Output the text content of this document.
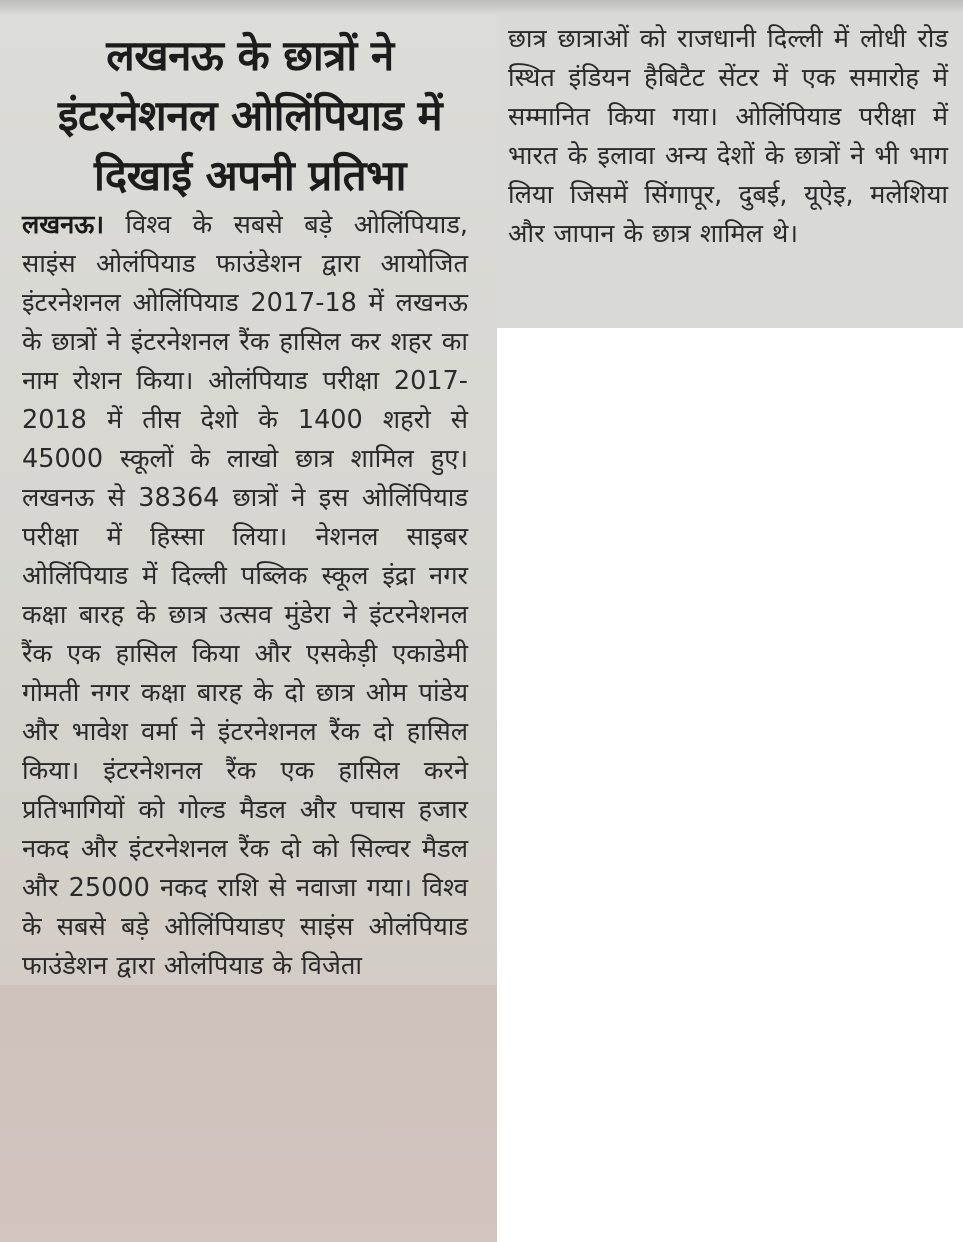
लखनऊ के छात्रों ने इंटरनेशनल ओलिंपियाड में दिखाई अपनी प्रतिभा

लखनऊ। विश्व के सबसे बड़े ओलिंपियाड, साइंस ओलंपियाड फाउंडेशन द्वारा आयोजित इंटरनेशनल ओलिंपियाड 2017-18 में लखनऊ के छात्रों ने इंटरनेशनल रैंक हासिल कर शहर का नाम रोशन किया। ओलंपियाड परीक्षा 2017-2018 में तीस देशो के 1400 शहरो से 45000 स्कूलों के लाखो छात्र शामिल हुए। लखनऊ से 38364 छात्रों ने इस ओलिंपियाड परीक्षा में हिस्सा लिया। नेशनल साइबर ओलिंपियाड में दिल्ली पब्लिक स्कूल इंद्रा नगर कक्षा बारह के छात्र उत्सव मुंडेरा ने इंटरनेशनल रैंक एक हासिल किया और एसकेड़ी एकाडेमी गोमती नगर कक्षा बारह के दो छात्र ओम पांडेय और भावेश वर्मा ने इंटरनेशनल रैंक दो हासिल किया। इंटरनेशनल रैंक एक हासिल करने प्रतिभागियों को गोल्ड मैडल और पचास हजार नकद और इंटरनेशनल रैंक दो को सिल्वर मैडल और 25000 नकद राशि से नवाजा गया। विश्व के सबसे बड़े ओलिंपियाडए साइंस ओलंपियाड फाउंडेशन द्वारा ओलंपियाड के विजेता

छात्र छात्राओं को राजधानी दिल्ली में लोधी रोड स्थित इंडियन हैबिटैट सेंटर में एक समारोह में सम्मानित किया गया। ओलिंपियाड परीक्षा में भारत के इलावा अन्य देशों के छात्रों ने भी भाग लिया जिसमें सिंगापूर, दुबई, यूऐइ, मलेशिया और जापान के छात्र शामिल थे।
